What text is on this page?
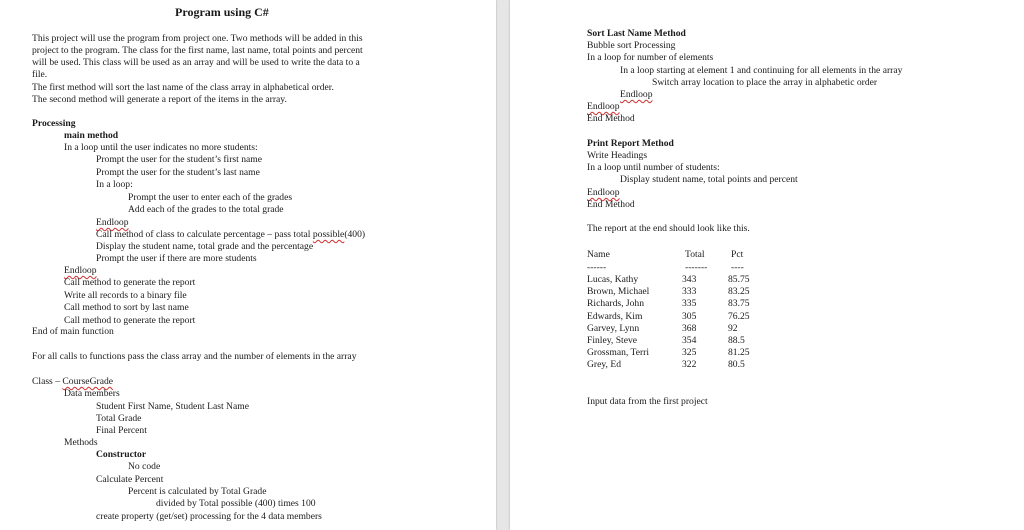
Program using C#
This project will use the program from project one. Two methods will be added in this
project to the program. The class for the first name, last name, total points and percent
will be used. This class will be used as an array and will be used to write the data to a
file.
The first method will sort the last name of the class array in alphabetical order.
The second method will generate a report of the items in the array.
Processing
main method
In a loop until the user indicates no more students:
Prompt the user for the student’s first name
Prompt the user for the student’s last name
In a loop:
Prompt the user to enter each of the grades
Add each of the grades to the total grade
Endloop
Call method of class to calculate percentage – pass total possible(400)
Display the student name, total grade and the percentage
Prompt the user if there are more students
Endloop
Call method to generate the report
Write all records to a binary file
Call method to sort by last name
Call method to generate the report
End of main function
For all calls to functions pass the class array and the number of elements in the array
Class – CourseGrade
Data members
Student First Name, Student Last Name
Total Grade
Final Percent
Methods
Constructor
No code
Calculate Percent
Percent is calculated by Total Grade
divided by Total possible (400) times 100
create property (get/set) processing for the 4 data members
Sort Last Name Method
Bubble sort Processing
In a loop for number of elements
In a loop starting at element 1 and continuing for all elements in the array
Switch array location to place the array in alphabetic order
Endloop
Endloop
End Method
Print Report Method
Write Headings
In a loop until number of students:
Display student name, total points and percent
Endloop
End Method
The report at the end should look like this.
Name	Total	Pct
------	------- ----
Lucas, Kathy	343	85.75
Brown, Michael	333	83.25
Richards, John	335	83.75
Edwards, Kim	305	76.25
Garvey, Lynn	368	92
Finley, Steve	354	88.5
Grossman, Terri	325	81.25
Grey, Ed	322	80.5
Input data from the first project
